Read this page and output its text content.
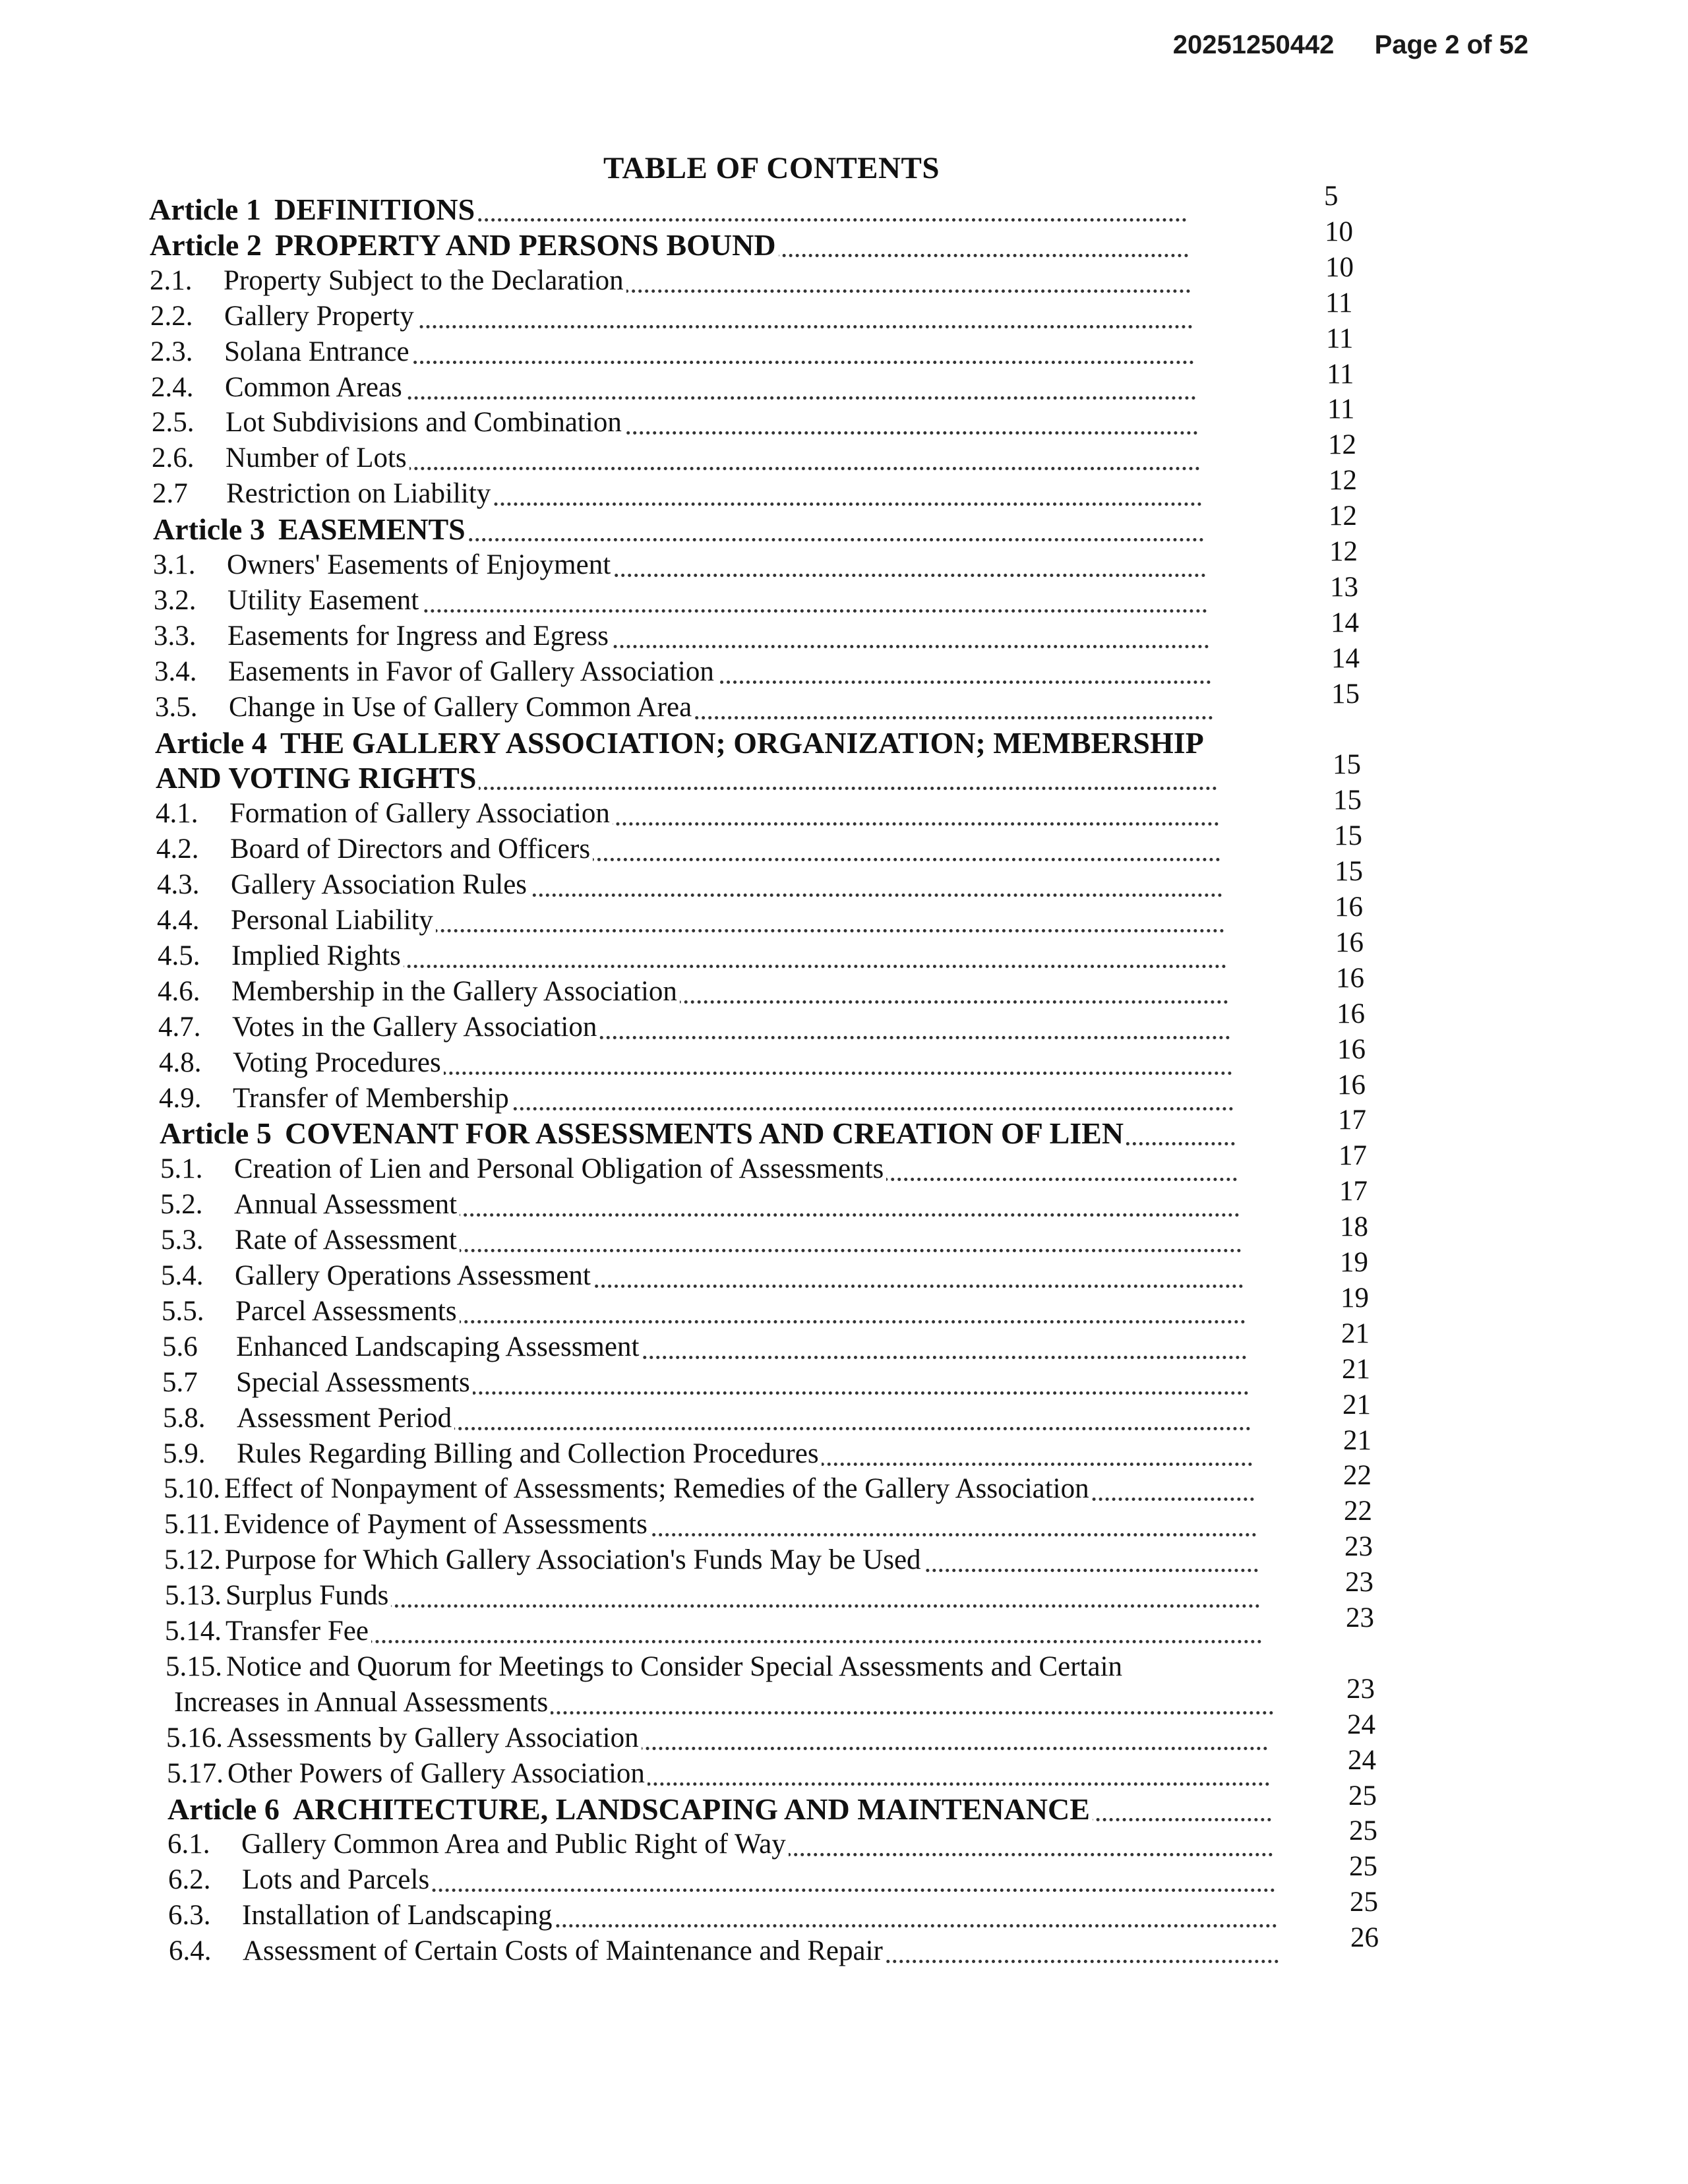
20251250442 Page 2 of 52
TABLE OF CONTENTS
Article 1 DEFINITIONS	5
Article 2 PROPERTY AND PERSONS BOUND	10
2.1. Property Subject to the Declaration	10
2.2. Gallery Property	11
2.3. Solana Entrance	11
2.4. Common Areas	11
2.5. Lot Subdivisions and Combination	11
2.6. Number of Lots	12
2.7 Restriction on Liability	12
Article 3 EASEMENTS	12
3.1. Owners' Easements of Enjoyment	12
3.2. Utility Easement	13
3.3. Easements for Ingress and Egress	14
3.4. Easements in Favor of Gallery Association	14
3.5. Change in Use of Gallery Common Area	15
Article 4 THE GALLERY ASSOCIATION; ORGANIZATION; MEMBERSHIP
AND VOTING RIGHTS	15
4.1. Formation of Gallery Association	15
4.2. Board of Directors and Officers	15
4.3. Gallery Association Rules	15
4.4. Personal Liability	16
4.5. Implied Rights	16
4.6. Membership in the Gallery Association	16
4.7. Votes in the Gallery Association	16
4.8. Voting Procedures	16
4.9. Transfer of Membership	16
Article 5 COVENANT FOR ASSESSMENTS AND CREATION OF LIEN	17
5.1. Creation of Lien and Personal Obligation of Assessments	17
5.2. Annual Assessment	17
5.3. Rate of Assessment	18
5.4. Gallery Operations Assessment	19
5.5. Parcel Assessments	19
5.6 Enhanced Landscaping Assessment	21
5.7 Special Assessments	21
5.8. Assessment Period	21
5.9. Rules Regarding Billing and Collection Procedures	21
5.10. Effect of Nonpayment of Assessments; Remedies of the Gallery Association	22
5.11. Evidence of Payment of Assessments	22
5.12. Purpose for Which Gallery Association's Funds May be Used	23
5.13. Surplus Funds	23
5.14. Transfer Fee	23
5.15. Notice and Quorum for Meetings to Consider Special Assessments and Certain
Increases in Annual Assessments	23
5.16. Assessments by Gallery Association	24
5.17. Other Powers of Gallery Association	24
Article 6 ARCHITECTURE, LANDSCAPING AND MAINTENANCE	25
6.1. Gallery Common Area and Public Right of Way	25
6.2. Lots and Parcels	25
6.3. Installation of Landscaping	25
6.4. Assessment of Certain Costs of Maintenance and Repair	26
